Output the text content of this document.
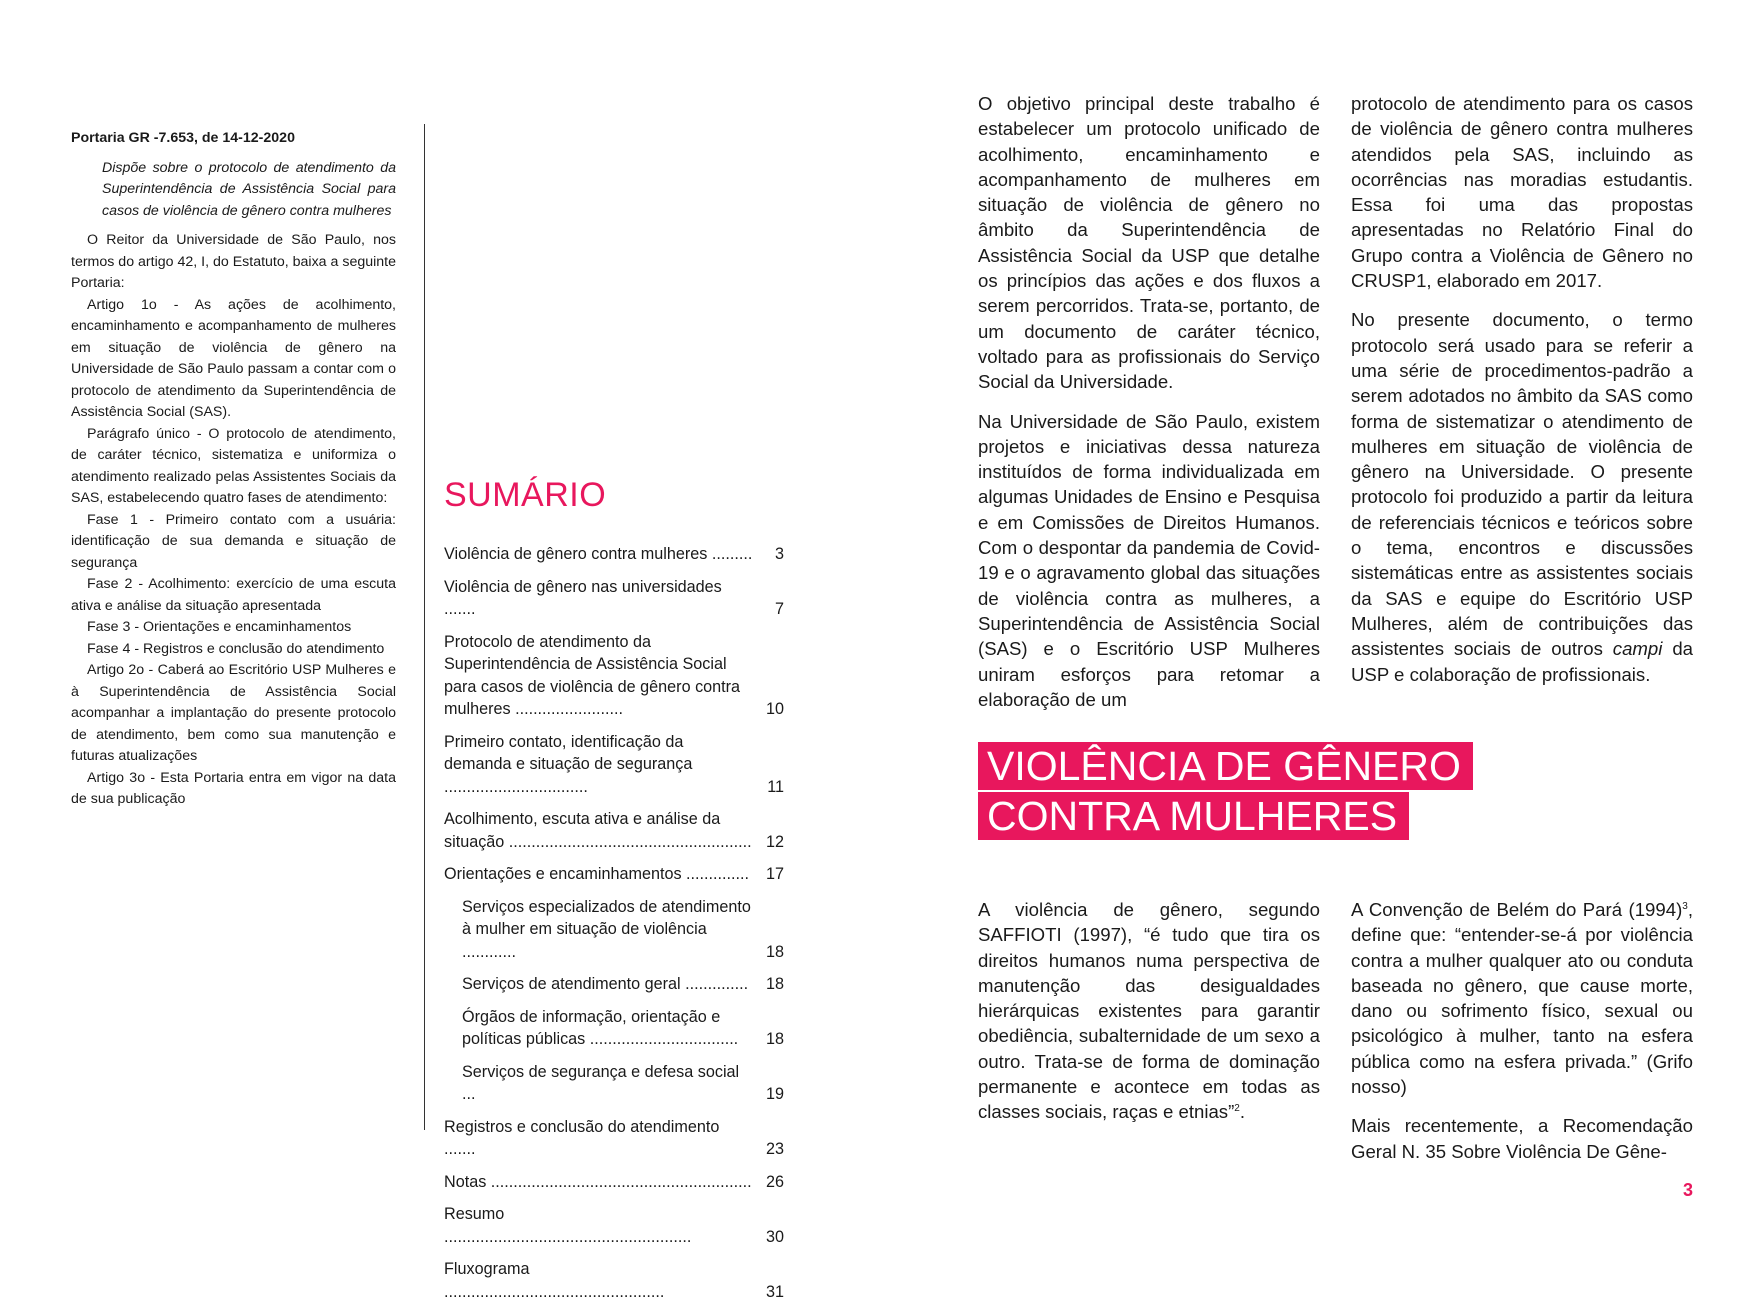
Portaria GR -7.653, de 14-12-2020
Dispõe sobre o protocolo de atendimento da Superintendência de Assistência Social para casos de violência de gênero contra mulheres

O Reitor da Universidade de São Paulo, nos termos do artigo 42, I, do Estatuto, baixa a seguinte Portaria:

Artigo 1o - As ações de acolhimento, encaminhamento e acompanhamento de mulheres em situação de violência de gênero na Universidade de São Paulo passam a contar com o protocolo de atendimento da Superintendência de Assistência Social (SAS).

Parágrafo único - O protocolo de atendimento, de caráter técnico, sistematiza e uniformiza o atendimento realizado pelas Assistentes Sociais da SAS, estabelecendo quatro fases de atendimento:

Fase 1 - Primeiro contato com a usuária: identificação de sua demanda e situação de segurança

Fase 2 - Acolhimento: exercício de uma escuta ativa e análise da situação apresentada

Fase 3 - Orientações e encaminhamentos

Fase 4 - Registros e conclusão do atendimento

Artigo 2o - Caberá ao Escritório USP Mulheres e à Superintendência de Assistência Social acompanhar a implantação do presente protocolo de atendimento, bem como sua manutenção e futuras atualizações

Artigo 3o - Esta Portaria entra em vigor na data de sua publicação

SUMÁRIO
Violência de gênero contra mulheres .........	3
Violência de gênero nas universidades .......	7
Protocolo de atendimento da Superintendência de Assistência Social para casos de violência de gênero contra mulheres ........................	10
Primeiro contato, identificação da demanda e situação de segurança ................................	11
Acolhimento, escuta ativa e análise da situação ...................................................... 12
Orientações e encaminhamentos ..............	17
Serviços especializados de atendimento à mulher em situação de violência ............	18
Serviços de atendimento geral ..............	18
Órgãos de informação, orientação e políticas públicas .................................	18
Serviços de segurança e defesa social ...	19
Registros e conclusão do atendimento .......	23
Notas .......................................................... 26
Resumo .......................................................	30
Fluxograma .................................................	31

O objetivo principal deste trabalho é estabelecer um protocolo unificado de acolhimento, encaminhamento e acompanhamento de mulheres em situação de violência de gênero no âmbito da Superintendência de Assistência Social da USP que detalhe os princípios das ações e dos fluxos a serem percorridos. Trata-se, portanto, de um documento de caráter técnico, voltado para as profissionais do Serviço Social da Universidade.

Na Universidade de São Paulo, existem projetos e iniciativas dessa natureza instituídos de forma individualizada em algumas Unidades de Ensino e Pesquisa e em Comissões de Direitos Humanos. Com o despontar da pandemia de Covid-19 e o agravamento global das situações de violência contra as mulheres, a Superintendência de Assistência Social (SAS) e o Escritório USP Mulheres uniram esforços para retomar a elaboração de um

protocolo de atendimento para os casos de violência de gênero contra mulheres atendidos pela SAS, incluindo as ocorrências nas moradias estudantis. Essa foi uma das propostas apresentadas no Relatório Final do Grupo contra a Violência de Gênero no CRUSP1, elaborado em 2017.

No presente documento, o termo protocolo será usado para se referir a uma série de procedimentos-padrão a serem adotados no âmbito da SAS como forma de sistematizar o atendimento de mulheres em situação de violência de gênero na Universidade. O presente protocolo foi produzido a partir da leitura de referenciais técnicos e teóricos sobre o tema, encontros e discussões sistemáticas entre as assistentes sociais da SAS e equipe do Escritório USP Mulheres, além de contribuições das assistentes sociais de outros campi da USP e colaboração de profissionais.

VIOLÊNCIA DE GÊNERO
CONTRA MULHERES

A violência de gênero, segundo SAFFIOTI (1997), “é tudo que tira os direitos humanos numa perspectiva de manutenção das desigualdades hierárquicas existentes para garantir obediência, subalternidade de um sexo a outro. Trata-se de forma de dominação permanente e acontece em todas as classes sociais, raças e etnias”$^2$.

A Convenção de Belém do Pará $(1994)^3$, define que: “entender-se-á por violência contra a mulher qualquer ato ou conduta baseada no gênero, que cause morte, dano ou sofrimento físico, sexual ou psicológico à mulher, tanto na esfera pública como na esfera privada.” (Grifo nosso)

Mais recentemente, a Recomendação Geral N. 35 Sobre Violência De Gêne-

3
